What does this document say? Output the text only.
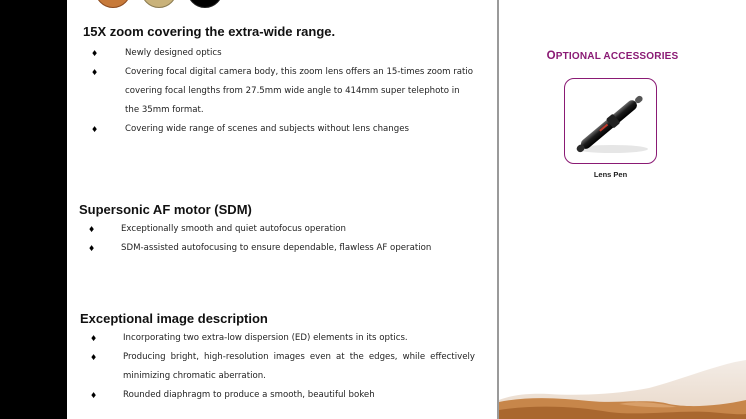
15X zoom covering the extra-wide range.
♦	Newly designed optics
♦	Covering focal digital camera body, this zoom lens offers an 15-times zoom ratio covering focal lengths from 27.5mm wide angle to 414mm super telephoto in the 35mm format.
♦	Covering wide range of scenes and subjects without lens changes
Supersonic AF motor (SDM)
♦	Exceptionally smooth and quiet autofocus operation
♦	SDM-assisted autofocusing to ensure dependable, flawless AF operation
Exceptional image description
♦	Incorporating two extra-low dispersion (ED) elements in its optics.
♦	Producing bright, high-resolution images even at the edges, while effectively minimizing chromatic aberration.
♦	Rounded diaphragm to produce a smooth, beautiful bokeh
OPTIONAL ACCESSORIES
Lens Pen
